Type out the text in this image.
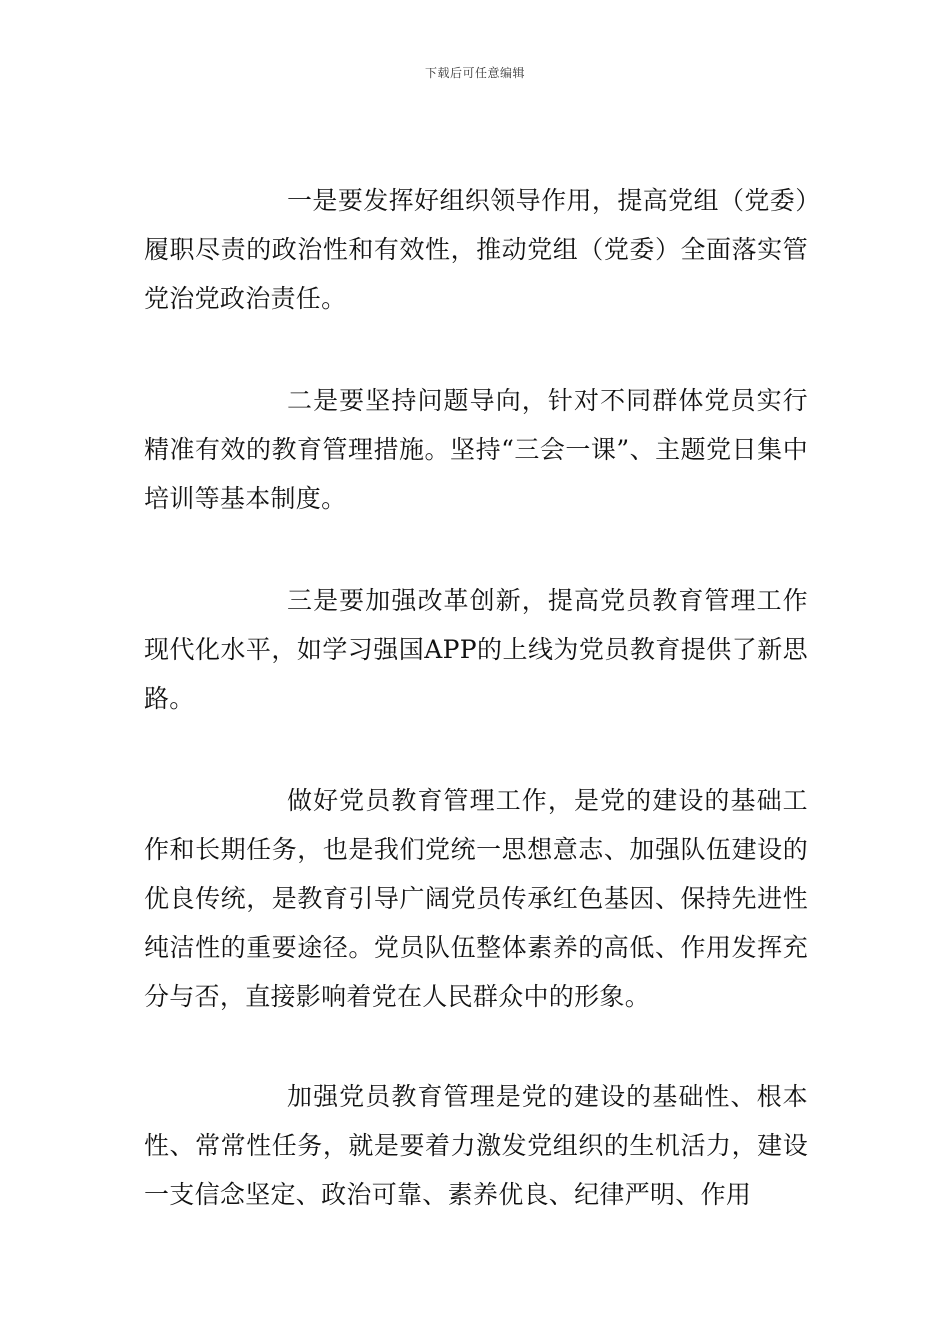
下载后可任意编辑

一是要发挥好组织领导作用，提高党组（党委）履职尽责的政治性和有效性，推动党组（党委）全面落实管党治党政治责任。

二是要坚持问题导向，针对不同群体党员实行精准有效的教育管理措施。坚持“三会一课”、主题党日集中培训等基本制度。

三是要加强改革创新，提高党员教育管理工作现代化水平，如学习强国APP的上线为党员教育提供了新思路。

做好党员教育管理工作，是党的建设的基础工作和长期任务，也是我们党统一思想意志、加强队伍建设的优良传统，是教育引导广阔党员传承红色基因、保持先进性纯洁性的重要途径。党员队伍整体素养的高低、作用发挥充分与否，直接影响着党在人民群众中的形象。

加强党员教育管理是党的建设的基础性、根本性、常常性任务，就是要着力激发党组织的生机活力，建设一支信念坚定、政治可靠、素养优良、纪律严明、作用
